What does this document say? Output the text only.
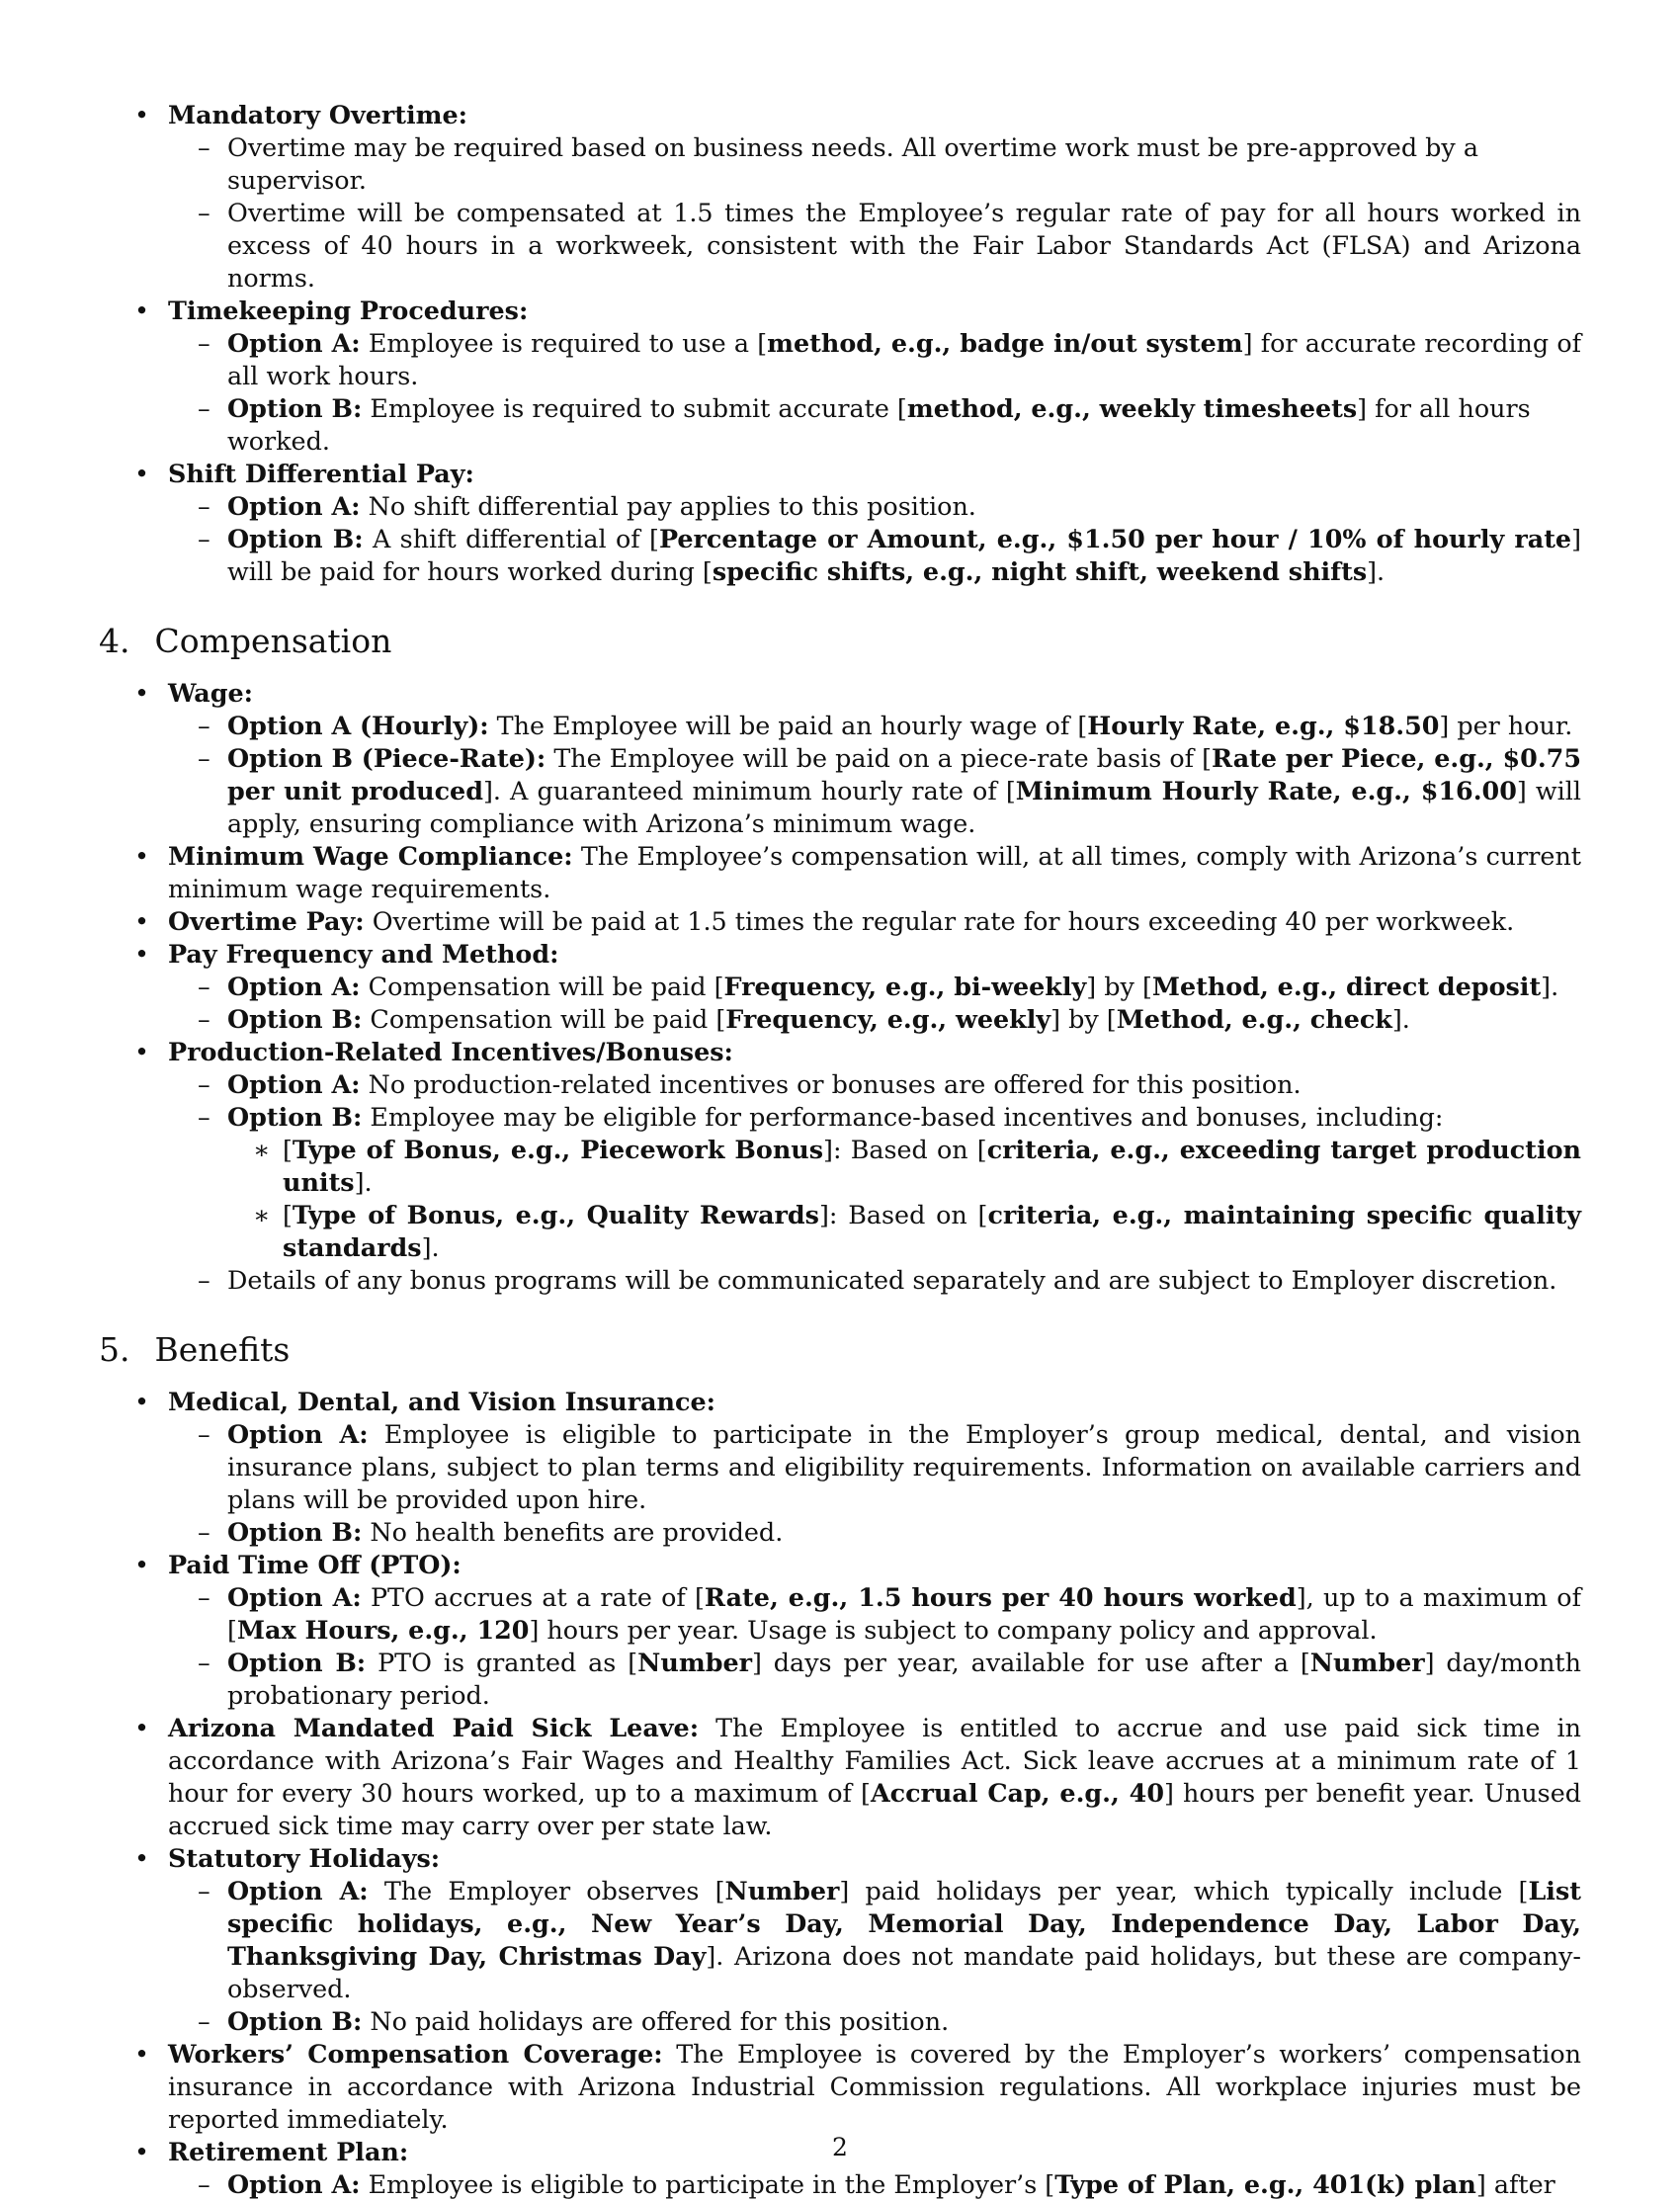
• Mandatory Overtime:
– Overtime may be required based on business needs. All overtime work must be pre-approved by a supervisor.
– Overtime will be compensated at 1.5 times the Employee’s regular rate of pay for all hours worked in excess of 40 hours in a workweek, consistent with the Fair Labor Standards Act (FLSA) and Arizona norms.
• Timekeeping Procedures:
– Option A: Employee is required to use a [method, e.g., badge in/out system] for accurate recording of all work hours.
– Option B: Employee is required to submit accurate [method, e.g., weekly timesheets] for all hours worked.
• Shift Differential Pay:
– Option A: No shift differential pay applies to this position.
– Option B: A shift differential of [Percentage or Amount, e.g., $1.50 per hour / 10% of hourly rate] will be paid for hours worked during [specific shifts, e.g., night shift, weekend shifts].
4. Compensation
• Wage:
– Option A (Hourly): The Employee will be paid an hourly wage of [Hourly Rate, e.g., $18.50] per hour.
– Option B (Piece-Rate): The Employee will be paid on a piece-rate basis of [Rate per Piece, e.g., $0.75 per unit produced]. A guaranteed minimum hourly rate of [Minimum Hourly Rate, e.g., $16.00] will apply, ensuring compliance with Arizona’s minimum wage.
• Minimum Wage Compliance: The Employee’s compensation will, at all times, comply with Arizona’s current minimum wage requirements.
• Overtime Pay: Overtime will be paid at 1.5 times the regular rate for hours exceeding 40 per workweek.
• Pay Frequency and Method:
– Option A: Compensation will be paid [Frequency, e.g., bi-weekly] by [Method, e.g., direct deposit].
– Option B: Compensation will be paid [Frequency, e.g., weekly] by [Method, e.g., check].
• Production-Related Incentives/Bonuses:
– Option A: No production-related incentives or bonuses are offered for this position.
– Option B: Employee may be eligible for performance-based incentives and bonuses, including:
∗ [Type of Bonus, e.g., Piecework Bonus]: Based on [criteria, e.g., exceeding target production units].
∗ [Type of Bonus, e.g., Quality Rewards]: Based on [criteria, e.g., maintaining specific quality standards].
– Details of any bonus programs will be communicated separately and are subject to Employer discretion.
5. Benefits
• Medical, Dental, and Vision Insurance:
– Option A: Employee is eligible to participate in the Employer’s group medical, dental, and vision insurance plans, subject to plan terms and eligibility requirements. Information on available carriers and plans will be provided upon hire.
– Option B: No health benefits are provided.
• Paid Time Off (PTO):
– Option A: PTO accrues at a rate of [Rate, e.g., 1.5 hours per 40 hours worked], up to a maximum of [Max Hours, e.g., 120] hours per year. Usage is subject to company policy and approval.
– Option B: PTO is granted as [Number] days per year, available for use after a [Number] day/month probationary period.
• Arizona Mandated Paid Sick Leave: The Employee is entitled to accrue and use paid sick time in accordance with Arizona’s Fair Wages and Healthy Families Act. Sick leave accrues at a minimum rate of 1 hour for every 30 hours worked, up to a maximum of [Accrual Cap, e.g., 40] hours per benefit year. Unused accrued sick time may carry over per state law.
• Statutory Holidays:
– Option A: The Employer observes [Number] paid holidays per year, which typically include [List specific holidays, e.g., New Year’s Day, Memorial Day, Independence Day, Labor Day, Thanksgiving Day, Christmas Day]. Arizona does not mandate paid holidays, but these are company-observed.
– Option B: No paid holidays are offered for this position.
• Workers’ Compensation Coverage: The Employee is covered by the Employer’s workers’ compensation insurance in accordance with Arizona Industrial Commission regulations. All workplace injuries must be reported immediately.
• Retirement Plan:
– Option A: Employee is eligible to participate in the Employer’s [Type of Plan, e.g., 401(k) plan] after
2
